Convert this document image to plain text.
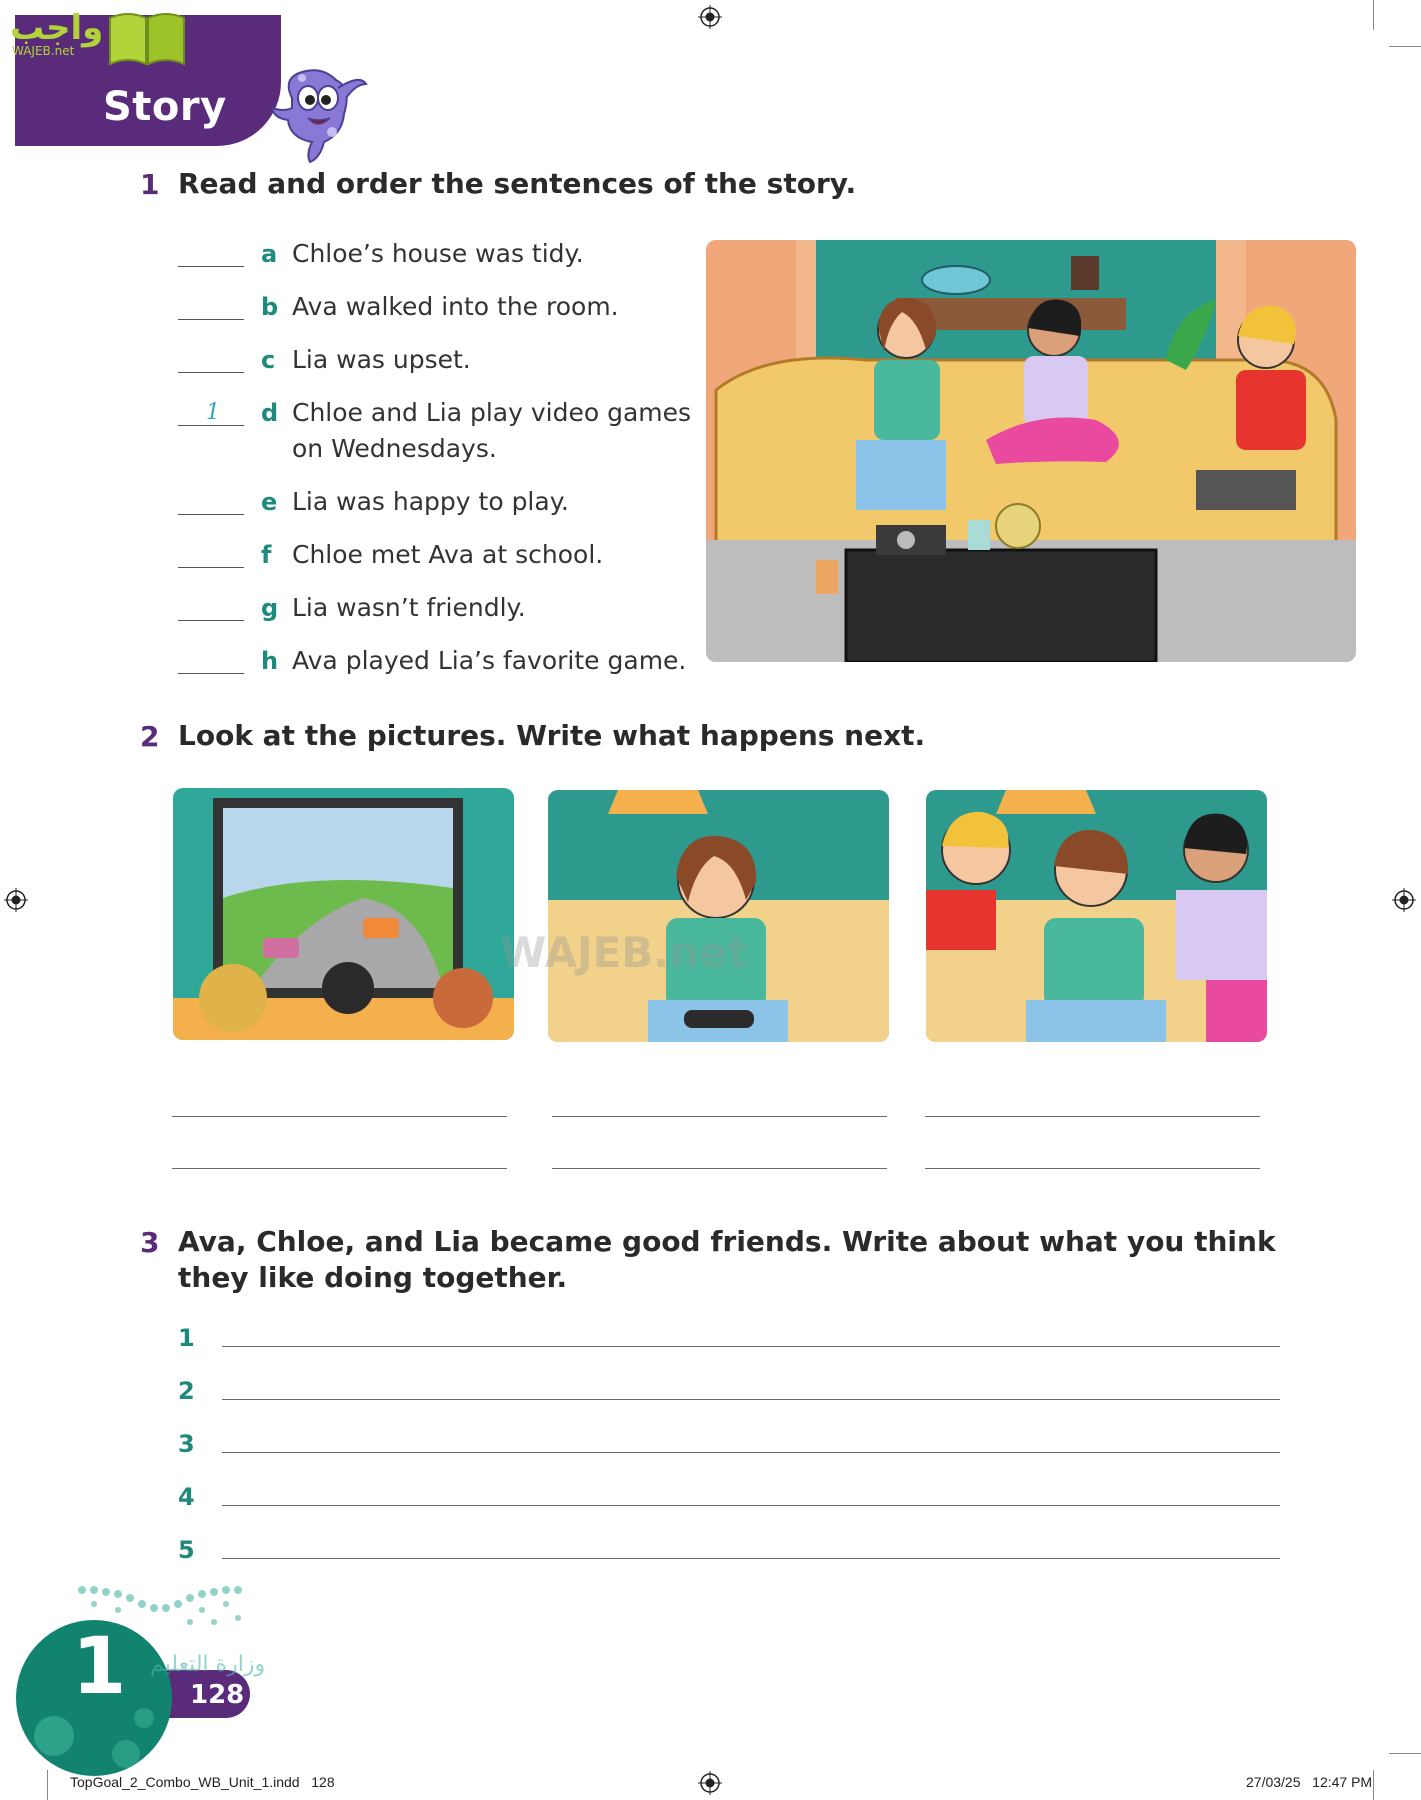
Story
واجب
WAJEB.net
1 Read and order the sentences of the story.
a Chloe’s house was tidy.
b Ava walked into the room.
c Lia was upset.
1 d Chloe and Lia play video games
on Wednesdays.
e Lia was happy to play.
f Chloe met Ava at school.
g Lia wasn’t friendly.
h Ava played Lia’s favorite game.
2 Look at the pictures. Write what happens next.
WAJEB.net
3 Ava, Chloe, and Lia became good friends. Write about what you think
they like doing together.
1
2
3
4
5
128
1 وزارة التعليم
TopGoal_2_Combo_WB_Unit_1.indd   128	27/03/25   12:47 PM
